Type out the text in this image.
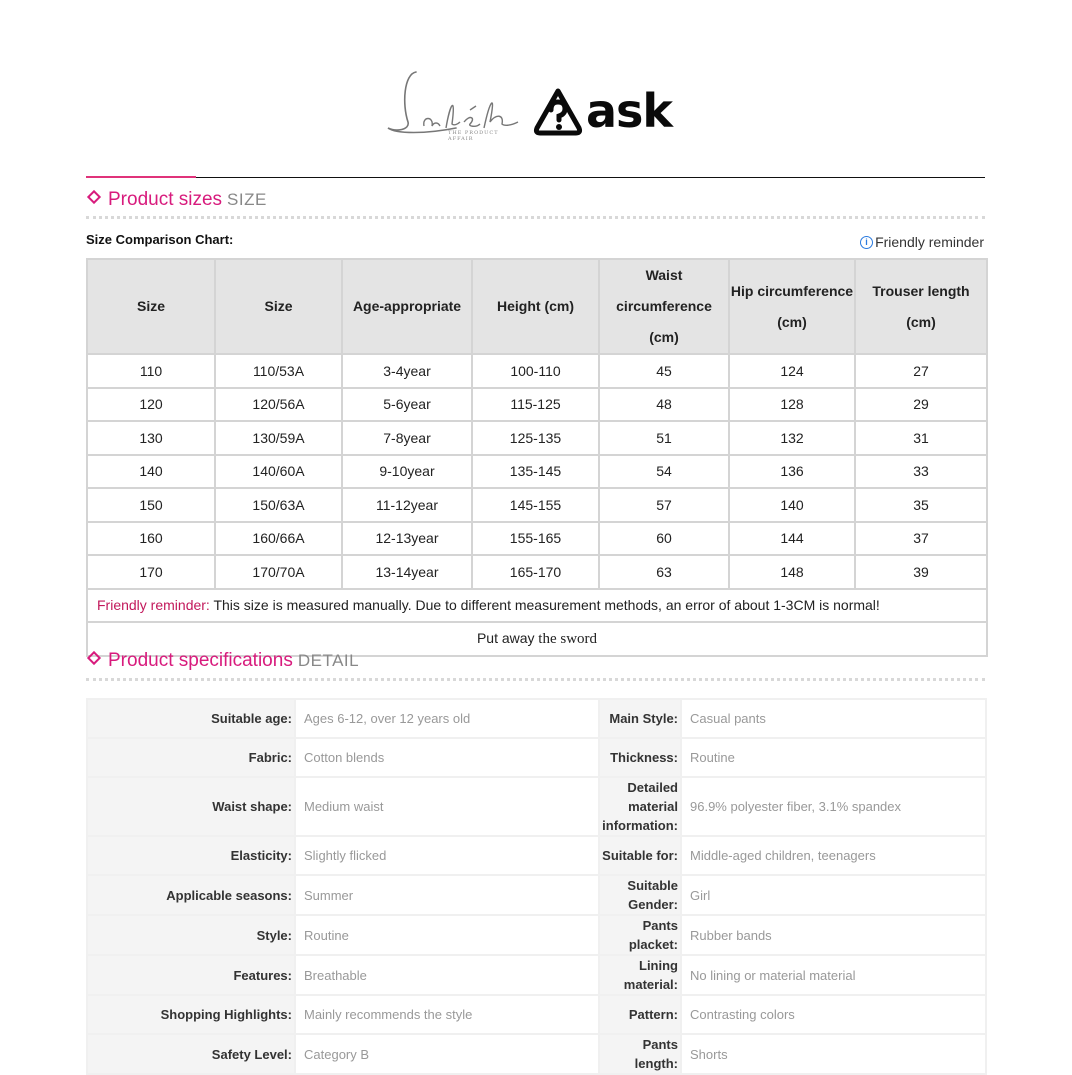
THE PRODUCT AFFAIR
ask
Product sizes SIZE
Size Comparison Chart:	i Friendly reminder
Size	Size	Age-appropriate	Height (cm)	Waist circumference (cm)	Hip circumference (cm)	Trouser length (cm)
110	110/53A	3-4year	100-110	45	124	27
120	120/56A	5-6year	115-125	48	128	29
130	130/59A	7-8year	125-135	51	132	31
140	140/60A	9-10year	135-145	54	136	33
150	150/63A	11-12year	145-155	57	140	35
160	160/66A	12-13year	155-165	60	144	37
170	170/70A	13-14year	165-170	63	148	39
Friendly reminder: This size is measured manually. Due to different measurement methods, an error of about 1-3CM is normal!						
Put away the sword						
Product specifications DETAIL
Suitable age:	Ages 6-12, over 12 years old	Main Style:	Casual pants
Fabric:	Cotton blends	Thickness:	Routine
Waist shape:	Medium waist	Detailed material information:	96.9% polyester fiber, 3.1% spandex
Elasticity:	Slightly flicked	Suitable for:	Middle-aged children, teenagers
Applicable seasons:	Summer	Suitable Gender:	Girl
Style:	Routine	Pants placket:	Rubber bands
Features:	Breathable	Lining material:	No lining or material material
Shopping Highlights:	Mainly recommends the style	Pattern:	Contrasting colors
Safety Level:	Category B	Pants length:	Shorts
